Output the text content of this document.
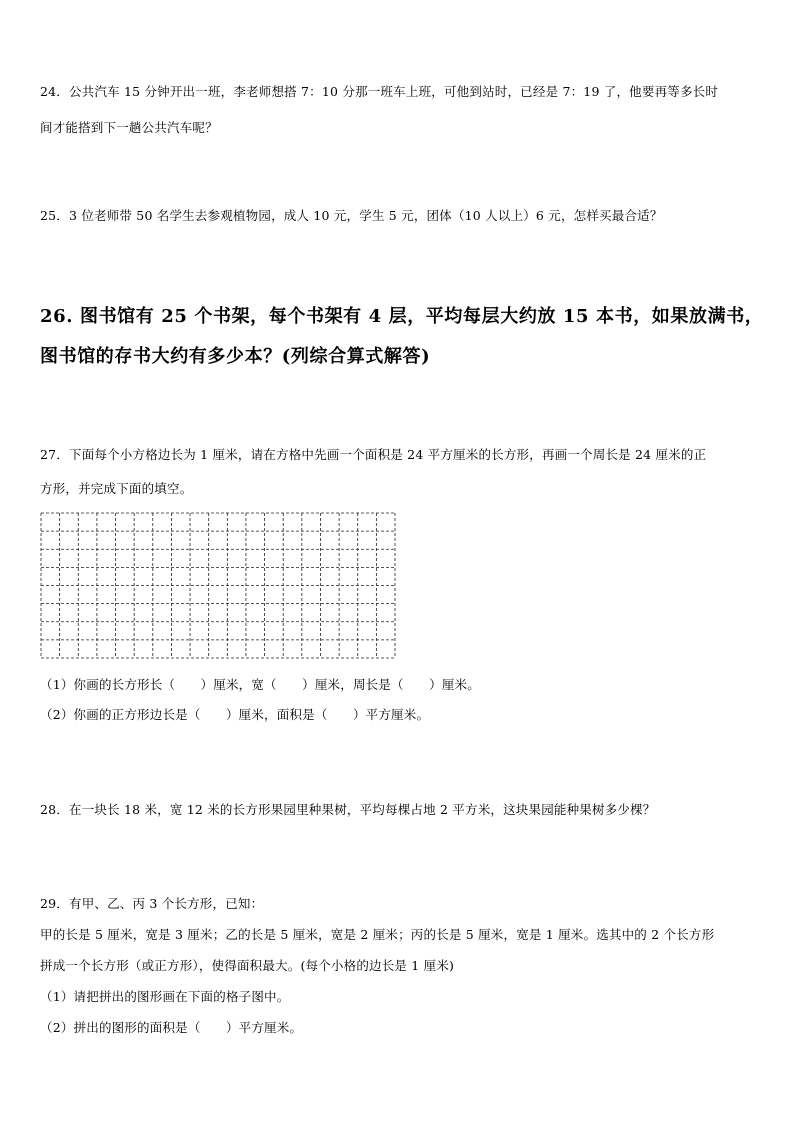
24．公共汽车 15 分钟开出一班，李老师想搭 7：10 分那一班车上班，可他到站时，已经是 7：19 了，他要再等多长时
间才能搭到下一趟公共汽车呢？
25．3 位老师带 50 名学生去参观植物园，成人 10 元，学生 5 元，团体（10 人以上）6 元，怎样买最合适？
26. 图书馆有 25 个书架，每个书架有 4 层，平均每层大约放 15 本书，如果放满书，
图书馆的存书大约有多少本？(列综合算式解答)
27．下面每个小方格边长为 1 厘米，请在方格中先画一个面积是 24 平方厘米的长方形，再画一个周长是 24 厘米的正
方形，并完成下面的填空。
（1）你画的长方形长（　　）厘米，宽（　　）厘米，周长是（　　）厘米。
（2）你画的正方形边长是（　　）厘米，面积是（　　）平方厘米。
28．在一块长 18 米，宽 12 米的长方形果园里种果树，平均每棵占地 2 平方米，这块果园能种果树多少棵？
29．有甲、乙、丙 3 个长方形，已知：
甲的长是 5 厘米，宽是 3 厘米；乙的长是 5 厘米，宽是 2 厘米；丙的长是 5 厘米，宽是 1 厘米。选其中的 2 个长方形
拼成一个长方形（或正方形），使得面积最大。(每个小格的边长是 1 厘米)
（1）请把拼出的图形画在下面的格子图中。
（2）拼出的图形的面积是（　　）平方厘米。
